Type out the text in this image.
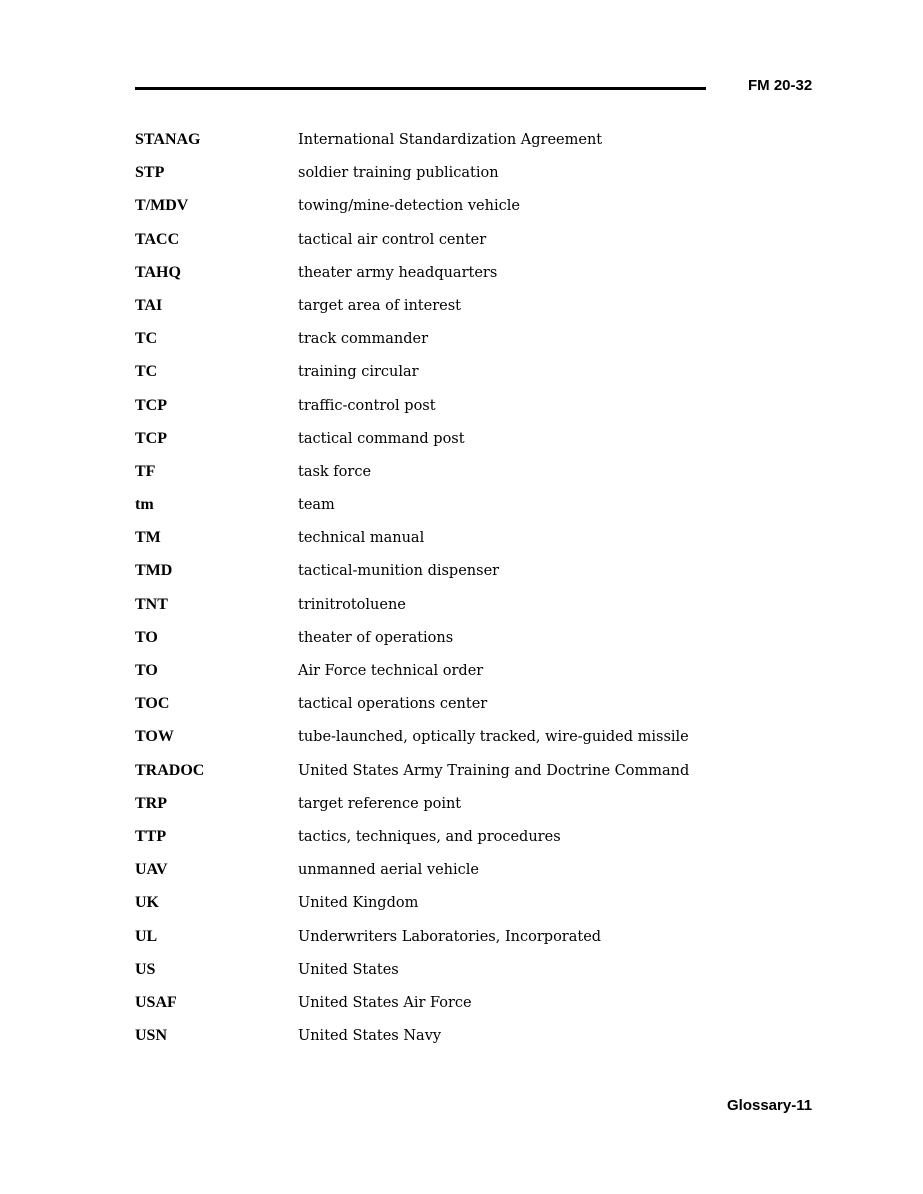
FM 20-32
STANAG	International Standardization Agreement
STP	soldier training publication
T/MDV	towing/mine-detection vehicle
TACC	tactical air control center
TAHQ	theater army headquarters
TAI	target area of interest
TC	track commander
TC	training circular
TCP	traffic-control post
TCP	tactical command post
TF	task force
tm	team
TM	technical manual
TMD	tactical-munition dispenser
TNT	trinitrotoluene
TO	theater of operations
TO	Air Force technical order
TOC	tactical operations center
TOW	tube-launched, optically tracked, wire-guided missile
TRADOC	United States Army Training and Doctrine Command
TRP	target reference point
TTP	tactics, techniques, and procedures
UAV	unmanned aerial vehicle
UK	United Kingdom
UL	Underwriters Laboratories, Incorporated
US	United States
USAF	United States Air Force
USN	United States Navy
Glossary-11
